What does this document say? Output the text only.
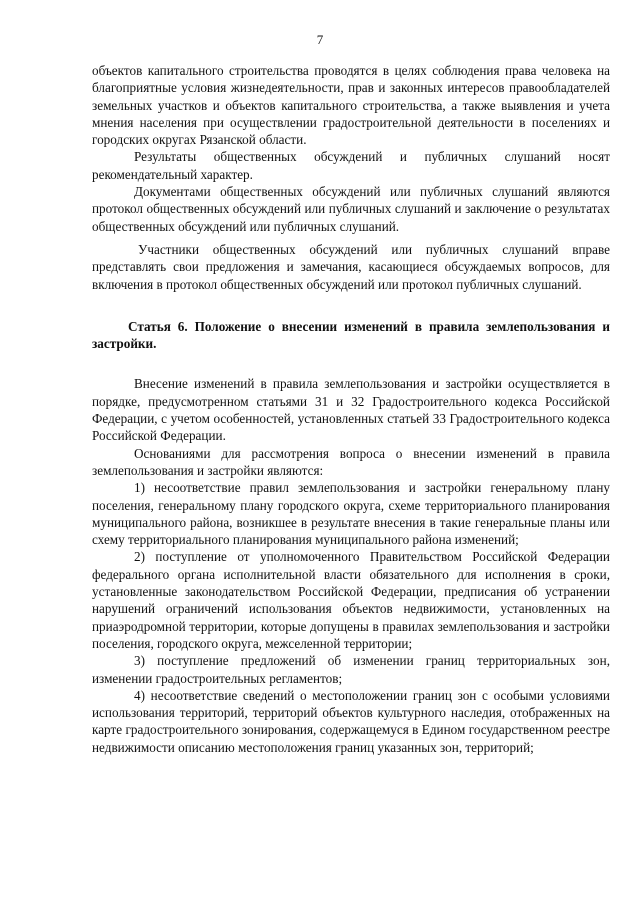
7

объектов капитального строительства проводятся в целях соблюдения права человека на благоприятные условия жизнедеятельности, прав и законных интересов правообладателей земельных участков и объектов капитального строительства, а также выявления и учета мнения населения при осуществлении градостроительной деятельности в поселениях и городских округах Рязанской области.

Результаты общественных обсуждений и публичных слушаний носят рекомендательный характер.

Документами общественных обсуждений или публичных слушаний являются протокол общественных обсуждений или публичных слушаний и заключение о результатах общественных обсуждений или публичных слушаний.

Участники общественных обсуждений или публичных слушаний вправе представлять свои предложения и замечания, касающиеся обсуждаемых вопросов, для включения в протокол общественных обсуждений или протокол публичных слушаний.

Статья 6. Положение о внесении изменений в правила землепользования и застройки.

Внесение изменений в правила землепользования и застройки осуществляется в порядке, предусмотренном статьями 31 и 32 Градостроительного кодекса Российской Федерации, с учетом особенностей, установленных статьей 33 Градостроительного кодекса Российской Федерации.

Основаниями для рассмотрения вопроса о внесении изменений в правила землепользования и застройки являются:

1) несоответствие правил землепользования и застройки генеральному плану поселения, генеральному плану городского округа, схеме территориального планирования муниципального района, возникшее в результате внесения в такие генеральные планы или схему территориального планирования муниципального района изменений;

2) поступление от уполномоченного Правительством Российской Федерации федерального органа исполнительной власти обязательного для исполнения в сроки, установленные законодательством Российской Федерации, предписания об устранении нарушений ограничений использования объектов недвижимости, установленных на приаэродромной территории, которые допущены в правилах землепользования и застройки поселения, городского округа, межселенной территории;

3) поступление предложений об изменении границ территориальных зон, изменении градостроительных регламентов;

4) несоответствие сведений о местоположении границ зон с особыми условиями использования территорий, территорий объектов культурного наследия, отображенных на карте градостроительного зонирования, содержащемуся в Едином государственном реестре недвижимости описанию местоположения границ указанных зон, территорий;
